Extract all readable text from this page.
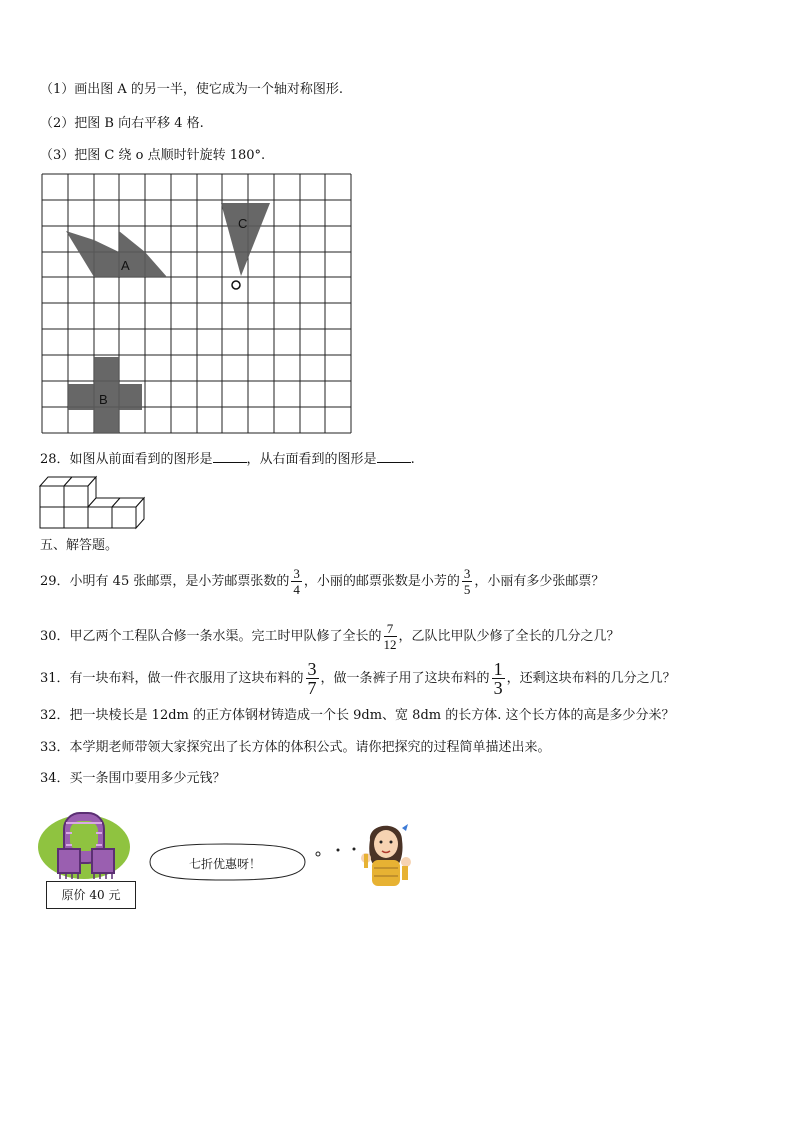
（1）画出图 A 的另一半，使它成为一个轴对称图形.
（2）把图 B 向右平移 4 格.
（3）把图 C 绕 o 点顺时针旋转 180°.
A
C
B
28．如图从前面看到的图形是	，从右面看到的图形是	.
五、解答题。
29．小明有 45 张邮票，是小芳邮票张数的 $\frac{3}{4}$ ，小丽的邮票张数是小芳的 $\frac{3}{5}$ ，小丽有多少张邮票？
30．甲乙两个工程队合修一条水渠。完工时甲队修了全长的 $\frac{7}{12}$ ，乙队比甲队少修了全长的几分之几？
31．有一块布料，做一件衣服用了这块布料的 $\frac{3}{7}$ ，做一条裤子用了这块布料的 $\frac{1}{3}$ ，还剩这块布料的几分之几？
32．把一块棱长是 12dm 的正方体钢材铸造成一个长 9dm、宽 8dm 的长方体. 这个长方体的高是多少分米？
33．本学期老师带领大家探究出了长方体的体积公式。请你把探究的过程简单描述出来。
34．买一条围巾要用多少元钱？
原价 40 元
七折优惠呀！
